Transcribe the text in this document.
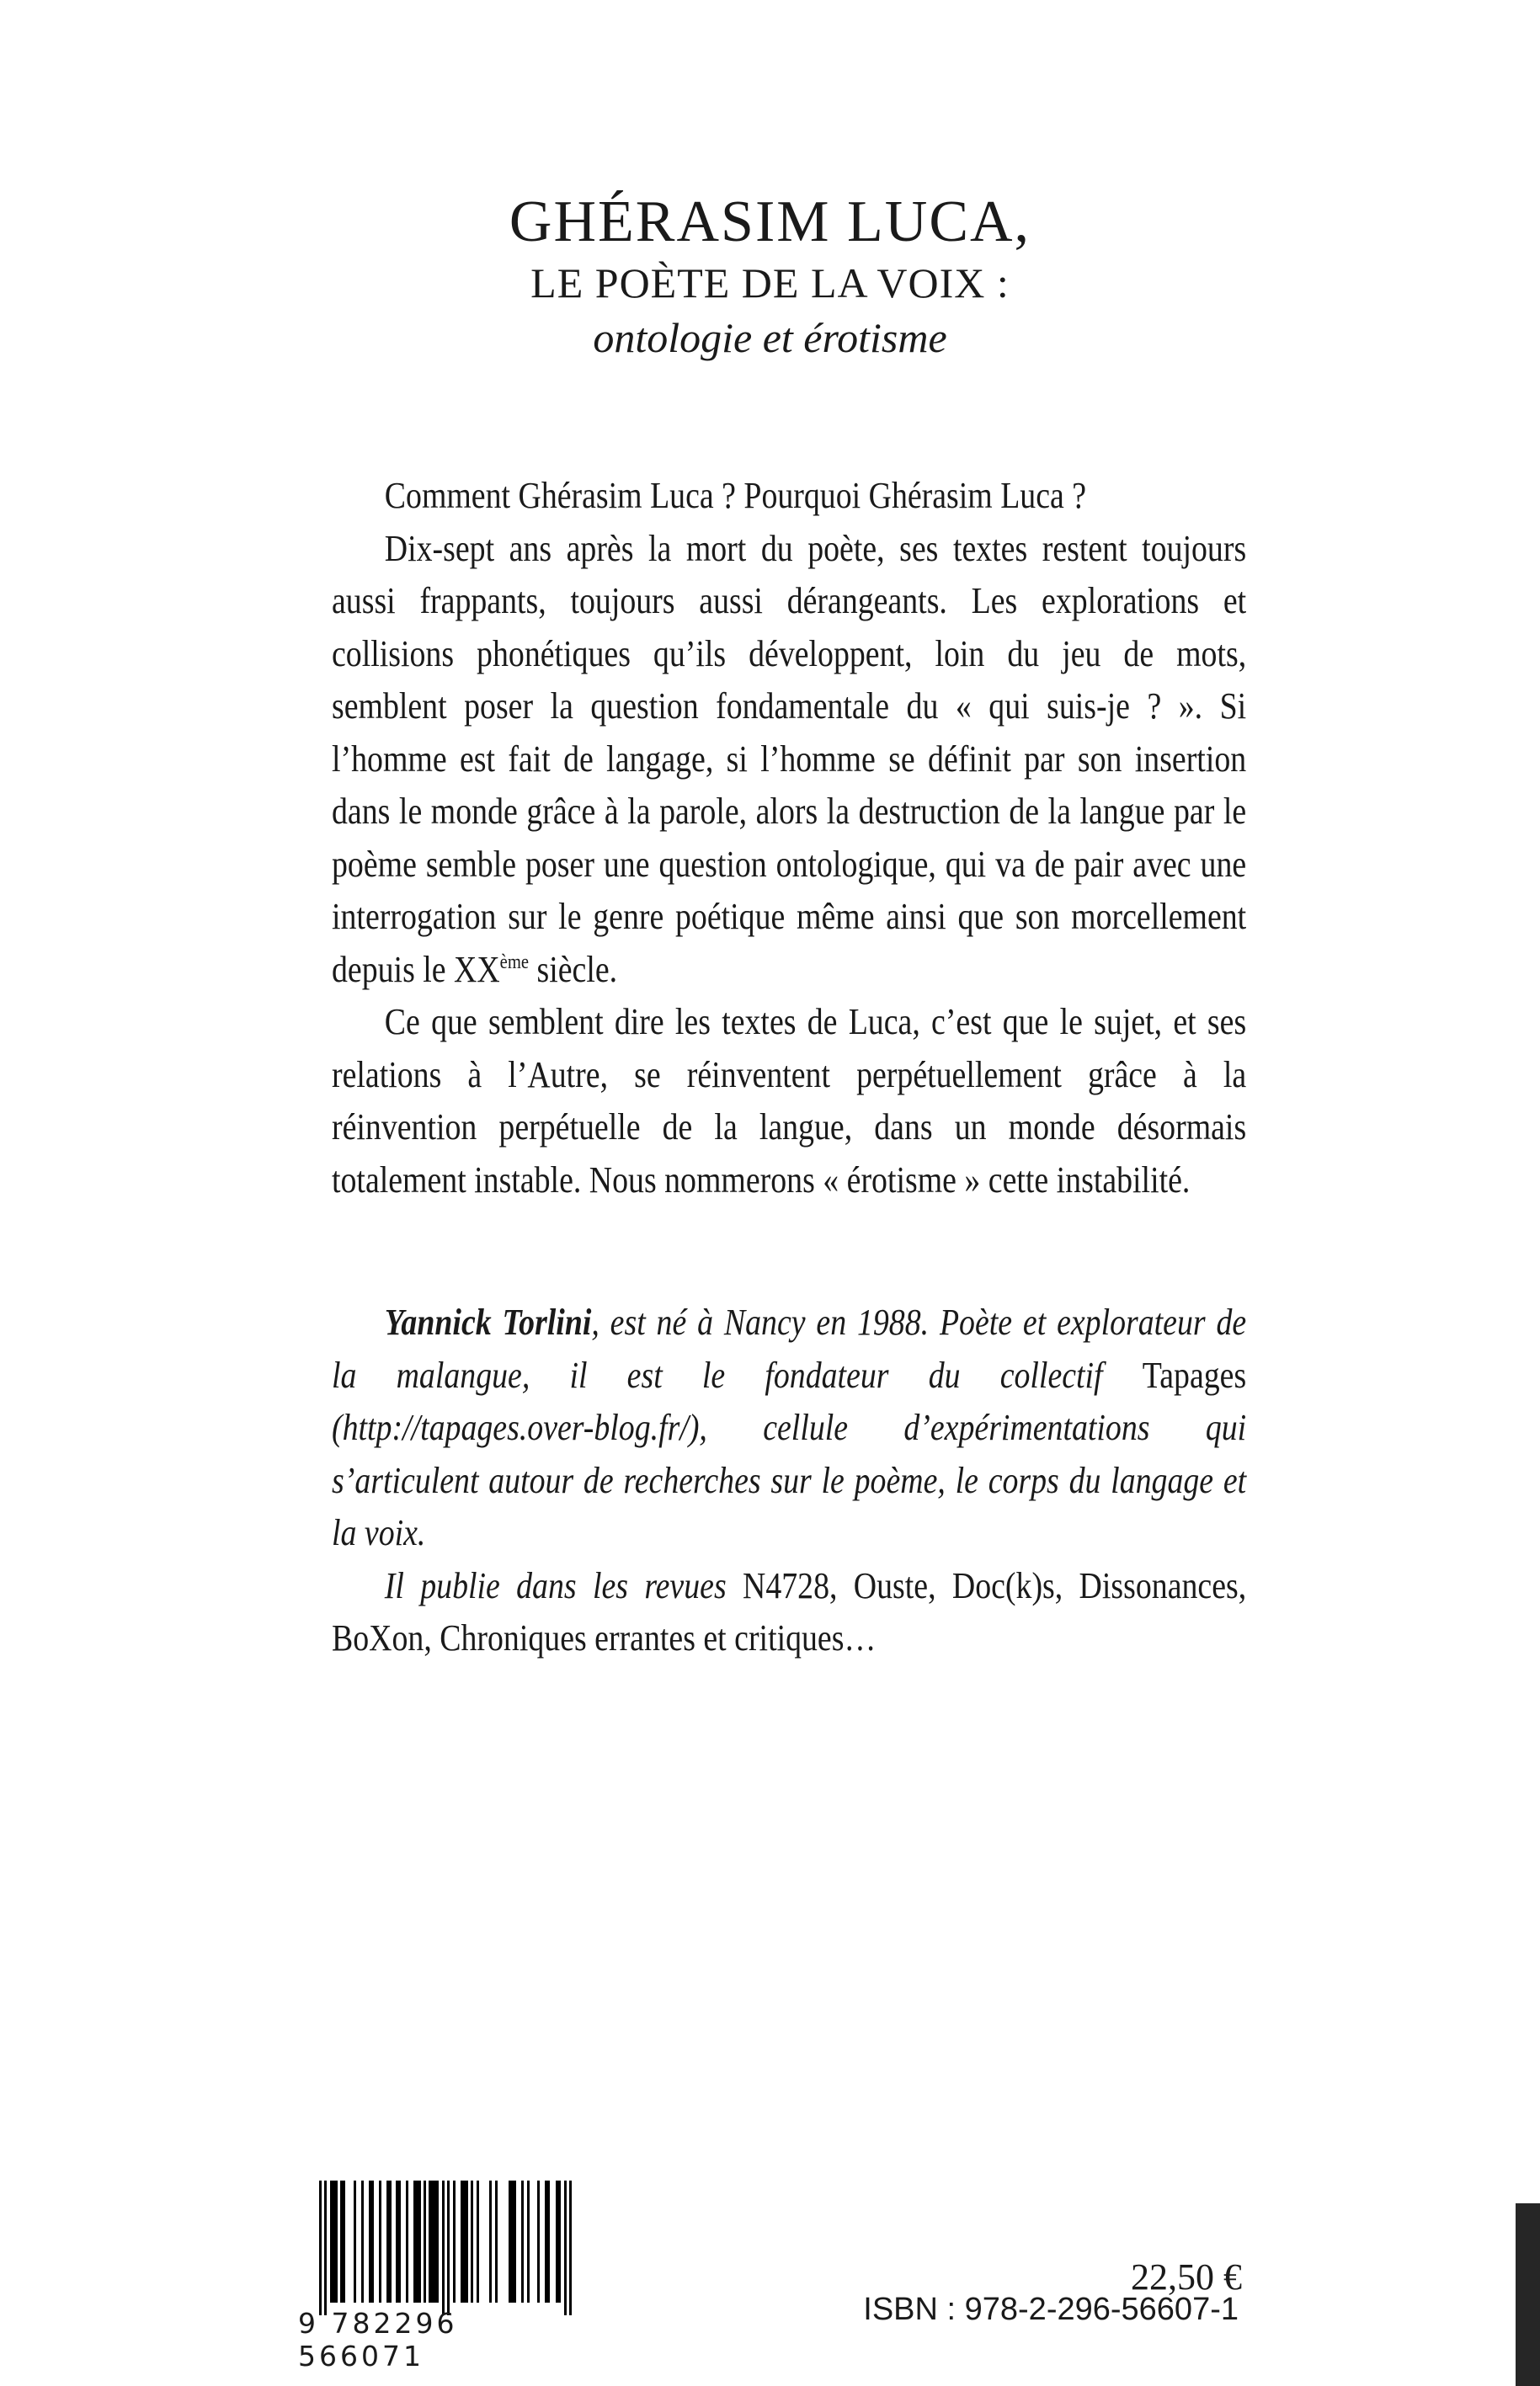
GHÉRASIM LUCA,
LE POÈTE DE LA VOIX :
ontologie et érotisme

Comment Ghérasim Luca ? Pourquoi Ghérasim Luca ?

Dix-sept ans après la mort du poète, ses textes restent toujours aussi frappants, toujours aussi dérangeants. Les explorations et collisions phonétiques qu’ils développent, loin du jeu de mots, semblent poser la question fondamentale du « qui suis-je ? ». Si l’homme est fait de langage, si l’homme se définit par son insertion dans le monde grâce à la parole, alors la destruction de la langue par le poème semble poser une question ontologique, qui va de pair avec une interrogation sur le genre poétique même ainsi que son morcellement depuis le XXème siècle.

Ce que semblent dire les textes de Luca, c’est que le sujet, et ses relations à l’Autre, se réinventent perpétuellement grâce à la réinvention perpétuelle de la langue, dans un monde désormais totalement instable. Nous nommerons « érotisme » cette instabilité.

Yannick Torlini, est né à Nancy en 1988. Poète et explorateur de la malangue, il est le fondateur du collectif Tapages (http://tapages.over-blog.fr/), cellule d’expérimentations qui s’articulent autour de recherches sur le poème, le corps du langage et la voix.

Il publie dans les revues N4728, Ouste, Doc(k)s, Dissonances, BoXon, Chroniques errantes et critiques…

9 782296 566071
22,50 €
ISBN : 978-2-296-56607-1
